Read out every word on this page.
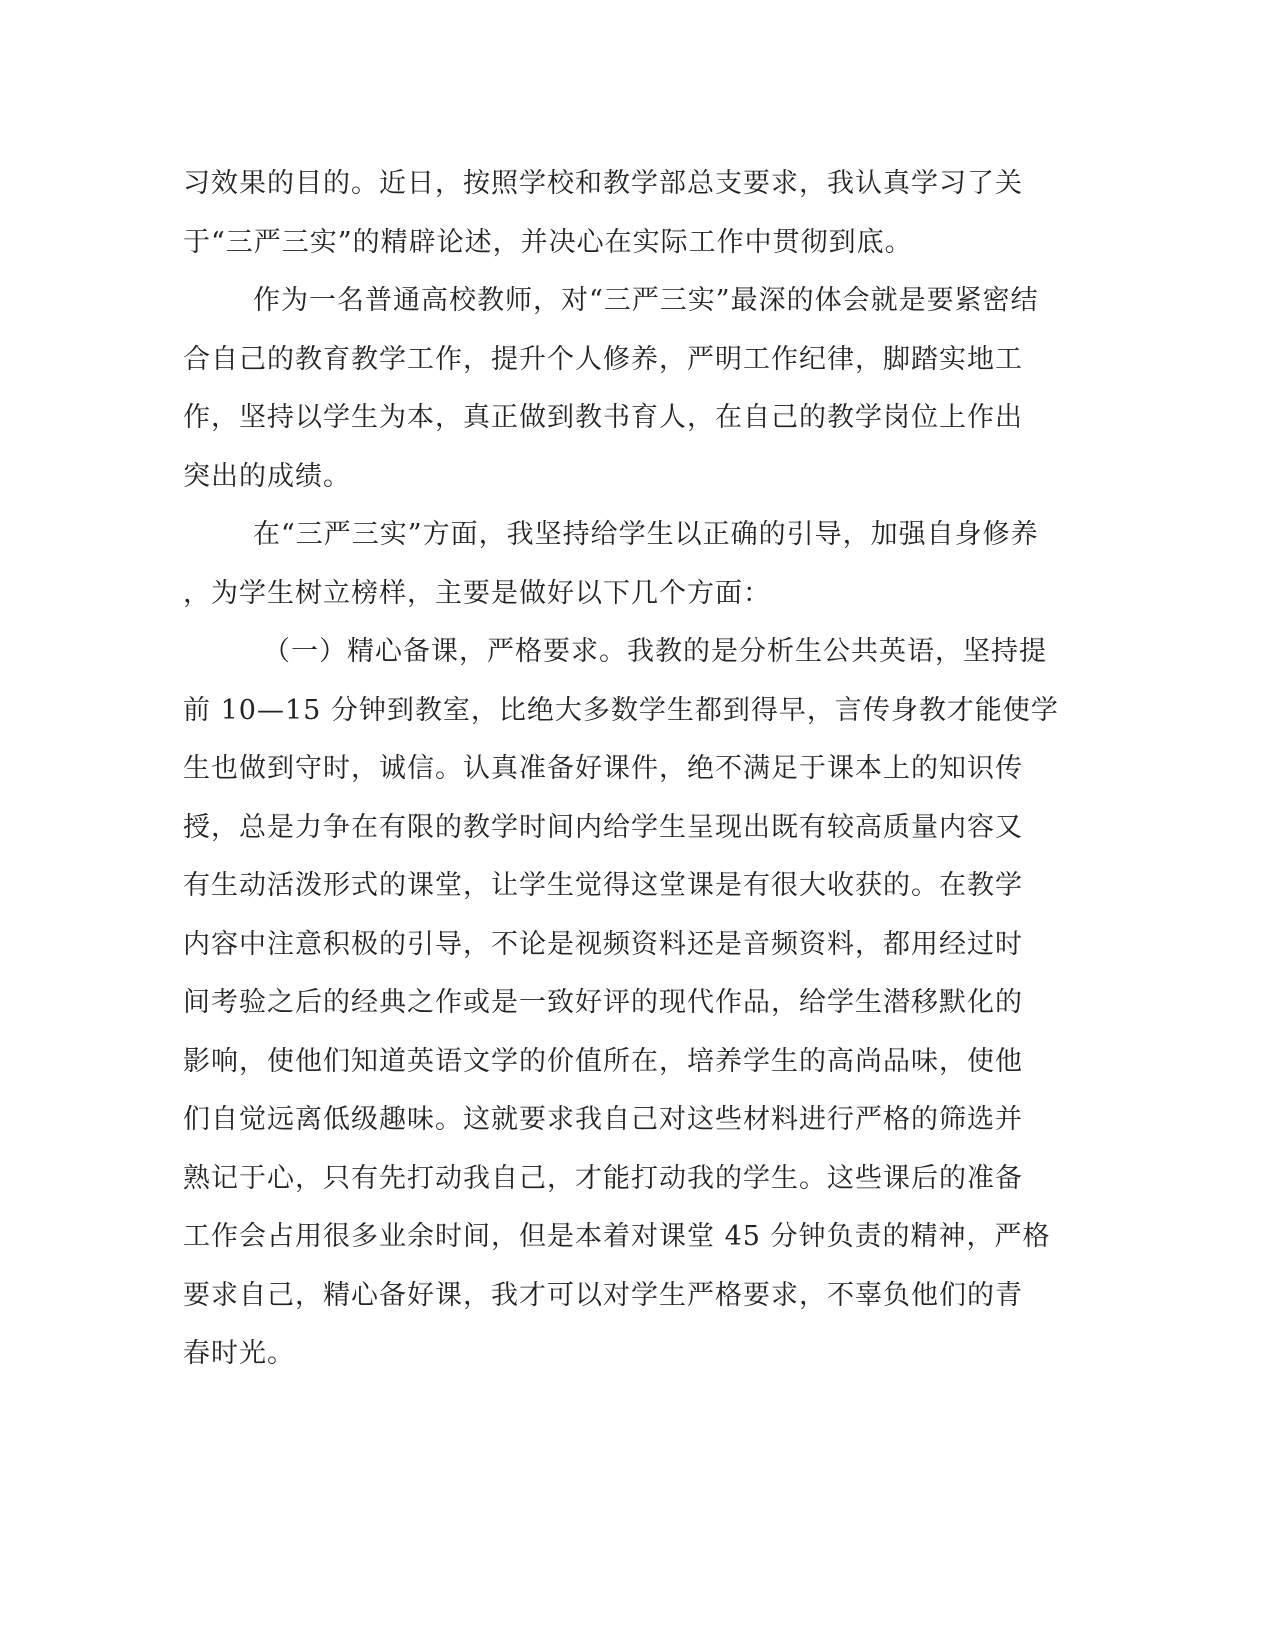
习效果的目的。近日，按照学校和教学部总支要求，我认真学习了关
于“三严三实”的精辟论述，并决心在实际工作中贯彻到底。
作为一名普通高校教师，对“三严三实”最深的体会就是要紧密结
合自己的教育教学工作，提升个人修养，严明工作纪律，脚踏实地工
作，坚持以学生为本，真正做到教书育人，在自己的教学岗位上作出
突出的成绩。
在“三严三实”方面，我坚持给学生以正确的引导，加强自身修养
，为学生树立榜样，主要是做好以下几个方面：
（一）精心备课，严格要求。我教的是分析生公共英语，坚持提
前 10—15 分钟到教室，比绝大多数学生都到得早，言传身教才能使学
生也做到守时，诚信。认真准备好课件，绝不满足于课本上的知识传
授，总是力争在有限的教学时间内给学生呈现出既有较高质量内容又
有生动活泼形式的课堂，让学生觉得这堂课是有很大收获的。在教学
内容中注意积极的引导，不论是视频资料还是音频资料，都用经过时
间考验之后的经典之作或是一致好评的现代作品，给学生潜移默化的
影响，使他们知道英语文学的价值所在，培养学生的高尚品味，使他
们自觉远离低级趣味。这就要求我自己对这些材料进行严格的筛选并
熟记于心，只有先打动我自己，才能打动我的学生。这些课后的准备
工作会占用很多业余时间，但是本着对课堂 45 分钟负责的精神，严格
要求自己，精心备好课，我才可以对学生严格要求，不辜负他们的青
春时光。
